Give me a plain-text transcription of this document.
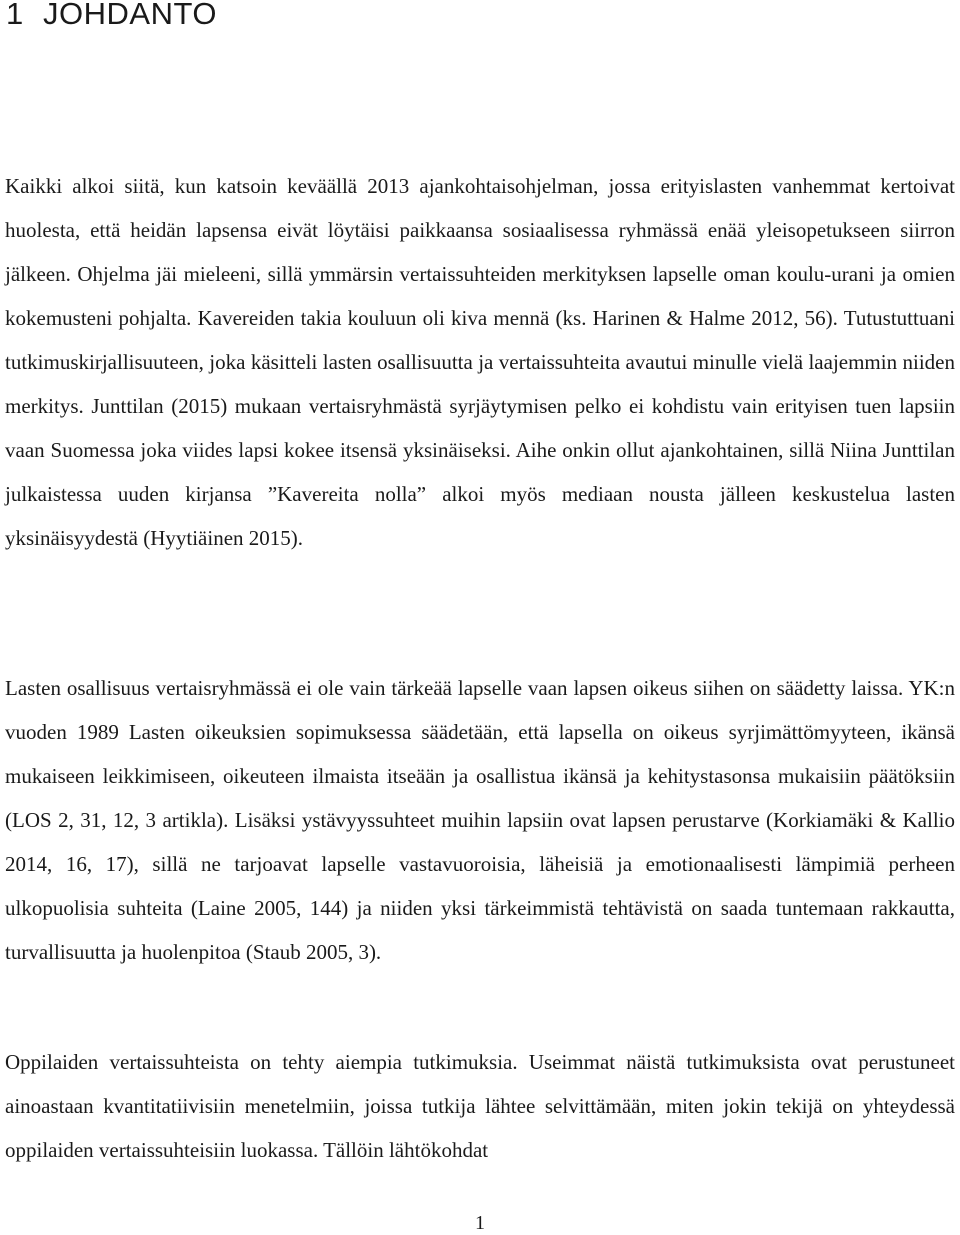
1 JOHDANTO

Kaikki alkoi siitä, kun katsoin keväällä 2013 ajankohtaisohjelman, jossa erityislasten vanhemmat kertoivat huolesta, että heidän lapsensa eivät löytäisi paikkaansa sosiaalisessa ryhmässä enää yleisopetukseen siirron jälkeen. Ohjelma jäi mieleeni, sillä ymmärsin vertaissuhteiden merkityksen lapselle oman koulu-urani ja omien kokemusteni pohjalta. Kavereiden takia kouluun oli kiva mennä (ks. Harinen & Halme 2012, 56). Tutustuttuani tutkimuskirjallisuuteen, joka käsitteli lasten osallisuutta ja vertaissuhteita avautui minulle vielä laajemmin niiden merkitys. Junttilan (2015) mukaan vertaisryhmästä syrjäytymisen pelko ei kohdistu vain erityisen tuen lapsiin vaan Suomessa joka viides lapsi kokee itsensä yksinäiseksi. Aihe onkin ollut ajankohtainen, sillä Niina Junttilan julkaistessa uuden kirjansa ”Kavereita nolla” alkoi myös mediaan nousta jälleen keskustelua lasten yksinäisyydestä (Hyytiäinen 2015).

Lasten osallisuus vertaisryhmässä ei ole vain tärkeää lapselle vaan lapsen oikeus siihen on säädetty laissa. YK:n vuoden 1989 Lasten oikeuksien sopimuksessa säädetään, että lapsella on oikeus syrjimättömyyteen, ikänsä mukaiseen leikkimiseen, oikeuteen ilmaista itseään ja osallistua ikänsä ja kehitystasonsa mukaisiin päätöksiin (LOS 2, 31, 12, 3 artikla). Lisäksi ystävyyssuhteet muihin lapsiin ovat lapsen perustarve (Korkiamäki & Kallio 2014, 16, 17), sillä ne tarjoavat lapselle vastavuoroisia, läheisiä ja emotionaalisesti lämpimiä perheen ulkopuolisia suhteita (Laine 2005, 144) ja niiden yksi tärkeimmistä tehtävistä on saada tuntemaan rakkautta, turvallisuutta ja huolenpitoa (Staub 2005, 3).

Oppilaiden vertaissuhteista on tehty aiempia tutkimuksia. Useimmat näistä tutkimuksista ovat perustuneet ainoastaan kvantitatiivisiin menetelmiin, joissa tutkija lähtee selvittämään, miten jokin tekijä on yhteydessä oppilaiden vertaissuhteisiin luokassa. Tällöin lähtökohdat

1
